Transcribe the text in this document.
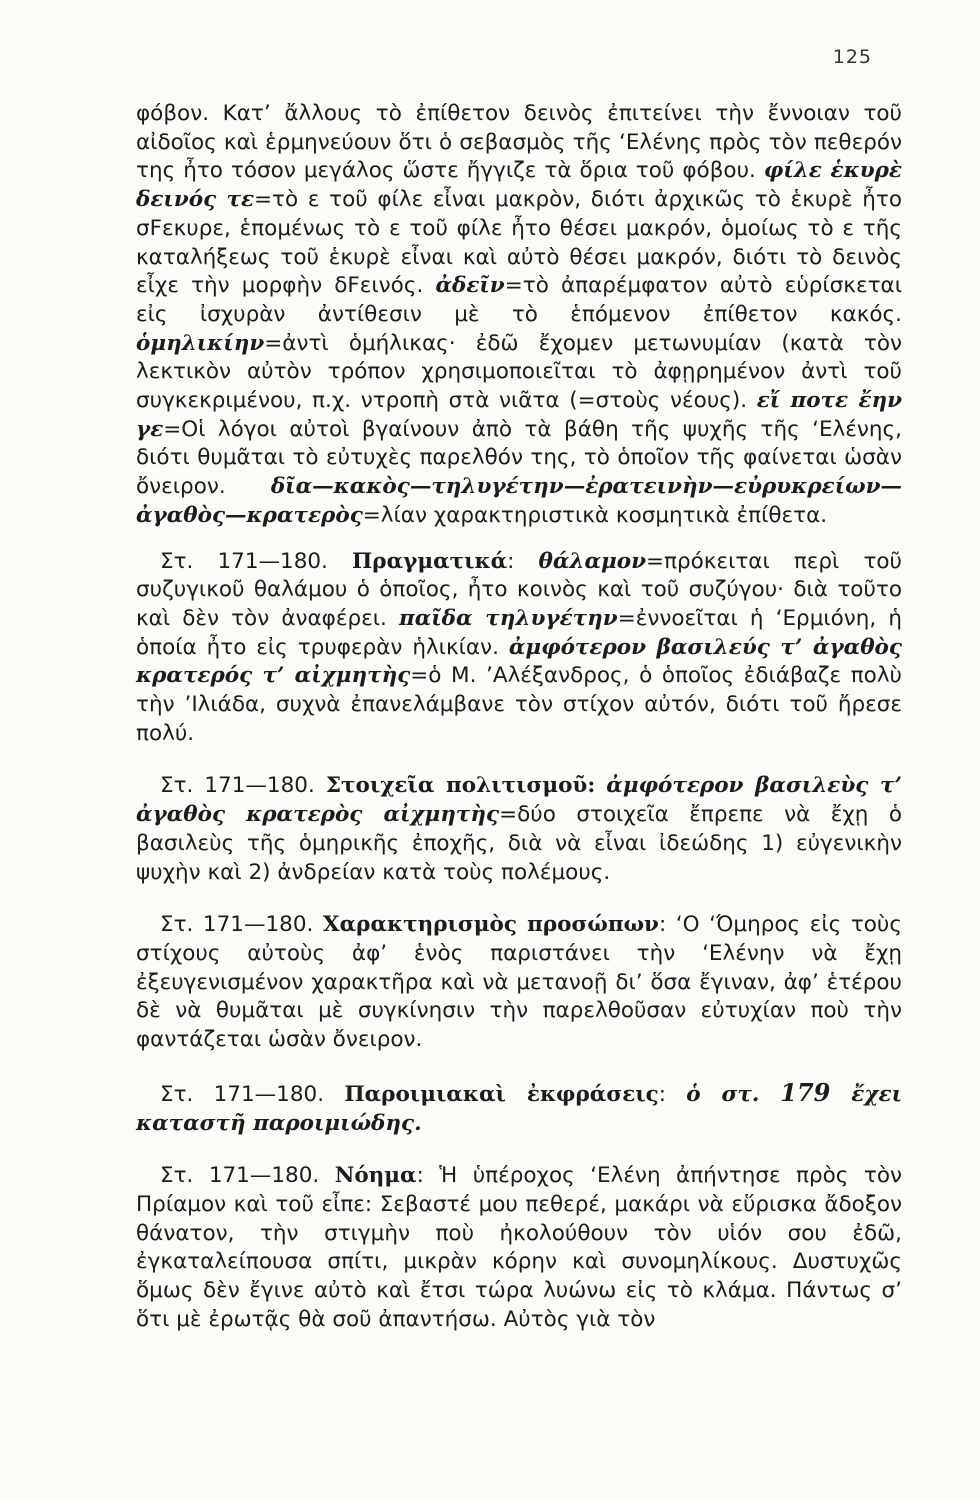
125

φόβον. Κατ’ ἄλλους τὸ ἐπίθετον δεινὸς ἐπιτείνει τὴν ἔννοιαν τοῦ αἰδοῖος καὶ ἑρμηνεύουν ὅτι ὁ σεβασμὸς τῆς ‘Ελένης πρὸς τὸν πεθερόν της ἦτο τόσον μεγάλος ὥστε ἤγγιζε τὰ ὅρια τοῦ φόβου. φίλε ἑκυρὲ δεινός τε=τὸ ε τοῦ φίλε εἶναι μακρὸν, διότι ἀρχικῶς τὸ ἑκυρὲ ἦτο σFεκυρε, ἑπομένως τὸ ε τοῦ φίλε ἦτο θέσει μακρόν, ὁμοίως τὸ ε τῆς καταλήξεως τοῦ ἑκυρὲ εἶναι καὶ αὐτὸ θέσει μακρόν, διότι τὸ δεινὸς εἶχε τὴν μορφὴν δFεινός. ἀδεῖν=τὸ ἀπαρέμφατον αὐτὸ εὑρίσκεται εἰς ἰσχυρὰν ἀντίθεσιν μὲ τὸ ἑπόμενον ἐπίθετον κακός. ὁμηλικίην=ἀντὶ ὁμήλικας· ἐδῶ ἔχομεν μετωνυμίαν (κατὰ τὸν λεκτικὸν αὐτὸν τρόπον χρησιμοποιεῖται τὸ ἀφῃρημένον ἀντὶ τοῦ συγκεκριμένου, π.χ. ντροπὴ στὰ νιᾶτα (=στοὺς νέους). εἴ ποτε ἔην γε=Οἱ λόγοι αὐτοὶ βγαίνουν ἀπὸ τὰ βάθη τῆς ψυχῆς τῆς ‘Ελένης, διότι θυμᾶται τὸ εὐτυχὲς παρελθόν της, τὸ ὁποῖον τῆς φαίνεται ὡσὰν ὄνειρον. δῖα—κακὸς—τηλυγέτην—ἐρατεινὴν—εὐρυκρείων—ἀγαθὸς—κρατερὸς=λίαν χαρακτηριστικὰ κοσμητικὰ ἐπίθετα.

Στ. 171—180. Πραγματικά: θάλαμον=πρόκειται περὶ τοῦ συζυγικοῦ θαλάμου ὁ ὁποῖος, ἦτο κοινὸς καὶ τοῦ συζύγου· διὰ τοῦτο καὶ δὲν τὸν ἀναφέρει. παῖδα τηλυγέτην=ἐννοεῖται ἡ ‘Ερμιόνη, ἡ ὁποία ἦτο εἰς τρυφερὰν ἡλικίαν. ἀμφότερον βασιλεύς τ’ ἀγαθὸς κρατερός τ’ αἰχμητὴς=ὁ Μ. ’Αλέξανδρος, ὁ ὁποῖος ἐδιάβαζε πολὺ τὴν ’Ιλιάδα, συχνὰ ἐπανελάμβανε τὸν στίχον αὐτόν, διότι τοῦ ἤρεσε πολύ.

Στ. 171—180. Στοιχεῖα πολιτισμοῦ: ἀμφότερον βασιλεὺς τ’ ἀγαθὸς κρατερὸς αἰχμητὴς=δύο στοιχεῖα ἔπρεπε νὰ ἔχῃ ὁ βασιλεὺς τῆς ὁμηρικῆς ἐποχῆς, διὰ νὰ εἶναι ἰδεώδης 1) εὐγενικὴν ψυχὴν καὶ 2) ἀνδρείαν κατὰ τοὺς πολέμους.

Στ. 171—180. Χαρακτηρισμὸς προσώπων: ‘Ο ‘Όμηρος εἰς τοὺς στίχους αὐτοὺς ἀφ’ ἑνὸς παριστάνει τὴν ‘Ελένην νὰ ἔχῃ ἐξευγενισμένον χαρακτῆρα καὶ νὰ μετανοῇ δι’ ὅσα ἔγιναν, ἀφ’ ἑτέρου δὲ νὰ θυμᾶται μὲ συγκίνησιν τὴν παρελθοῦσαν εὐτυχίαν ποὺ τὴν φαντάζεται ὡσὰν ὄνειρον.

Στ. 171—180. Παροιμιακαὶ ἐκφράσεις: ὁ στ. 179 ἔχει καταστῆ παροιμιώδης.

Στ. 171—180. Νόημα: Ἡ ὑπέροχος ‘Ελένη ἀπήντησε πρὸς τὸν Πρίαμον καὶ τοῦ εἶπε: Σεβαστέ μου πεθερέ, μακάρι νὰ εὕρισκα ἄδοξον θάνατον, τὴν στιγμὴν ποὺ ἠκολούθουν τὸν υἱόν σου ἐδῶ, ἐγκαταλείπουσα σπίτι, μικρὰν κόρην καὶ συνομηλίκους. Δυστυχῶς ὅμως δὲν ἔγινε αὐτὸ καὶ ἔτσι τώρα λυώνω εἰς τὸ κλάμα. Πάντως σ’ ὅτι μὲ ἐρωτᾷς θὰ σοῦ ἀπαντήσω. Αὐτὸς γιὰ τὸν
